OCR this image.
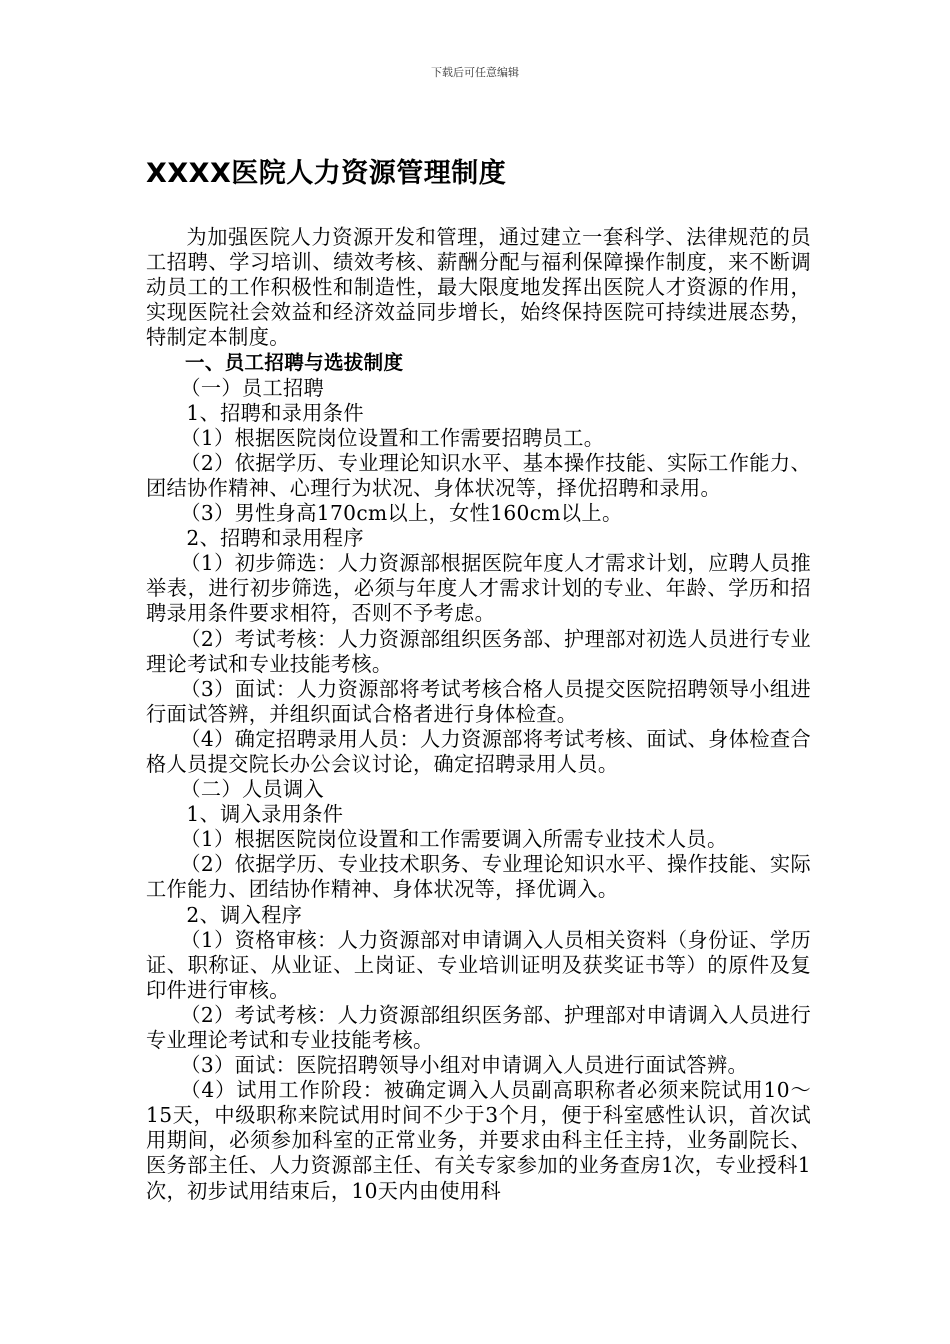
下载后可任意编辑
XXXX医院人力资源管理制度

为加强医院人力资源开发和管理，通过建立一套科学、法律规范的员工招聘、学习培训、绩效考核、薪酬分配与福利保障操作制度，来不断调动员工的工作积极性和制造性，最大限度地发挥出医院人才资源的作用，实现医院社会效益和经济效益同步增长，始终保持医院可持续进展态势，特制定本制度。

一、员工招聘与选拔制度

（一）员工招聘

1、招聘和录用条件

（1）根据医院岗位设置和工作需要招聘员工。

（2）依据学历、专业理论知识水平、基本操作技能、实际工作能力、团结协作精神、心理行为状况、身体状况等，择优招聘和录用。

（3）男性身高170cm以上，女性160cm以上。

2、招聘和录用程序

（1）初步筛选：人力资源部根据医院年度人才需求计划，应聘人员推举表，进行初步筛选，必须与年度人才需求计划的专业、年龄、学历和招聘录用条件要求相符，否则不予考虑。

（2）考试考核：人力资源部组织医务部、护理部对初选人员进行专业理论考试和专业技能考核。

（3）面试：人力资源部将考试考核合格人员提交医院招聘领导小组进行面试答辨，并组织面试合格者进行身体检查。

（4）确定招聘录用人员：人力资源部将考试考核、面试、身体检查合格人员提交院长办公会议讨论，确定招聘录用人员。

（二）人员调入

1、调入录用条件

（1）根据医院岗位设置和工作需要调入所需专业技术人员。

（2）依据学历、专业技术职务、专业理论知识水平、操作技能、实际工作能力、团结协作精神、身体状况等，择优调入。

2、调入程序

（1）资格审核：人力资源部对申请调入人员相关资料（身份证、学历证、职称证、从业证、上岗证、专业培训证明及获奖证书等）的原件及复印件进行审核。

（2）考试考核：人力资源部组织医务部、护理部对申请调入人员进行专业理论考试和专业技能考核。

（3）面试：医院招聘领导小组对申请调入人员进行面试答辨。

（4）试用工作阶段：被确定调入人员副高职称者必须来院试用10～15天，中级职称来院试用时间不少于3个月，便于科室感性认识，首次试用期间，必须参加科室的正常业务，并要求由科主任主持，业务副院长、医务部主任、人力资源部主任、有关专家参加的业务查房1次，专业授科1次，初步试用结束后，10天内由使用科
